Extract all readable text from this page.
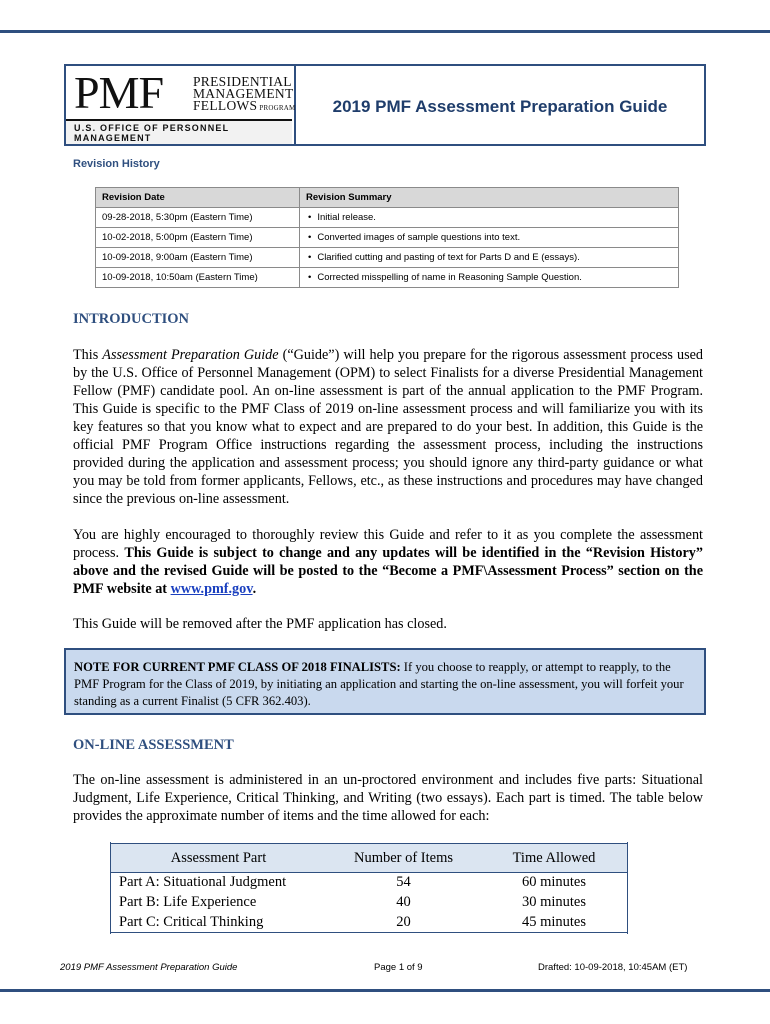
PMF PRESIDENTIAL
MANAGEMENT
FELLOWS PROGRAM
U.S. OFFICE OF PERSONNEL MANAGEMENT
2019 PMF Assessment Preparation Guide
Revision History
Revision Date	Revision Summary
09-28-2018, 5:30pm (Eastern Time)	• Initial release.
10-02-2018, 5:00pm (Eastern Time)	• Converted images of sample questions into text.
10-09-2018, 9:00am (Eastern Time)	• Clarified cutting and pasting of text for Parts D and E (essays).
10-09-2018, 10:50am (Eastern Time)	• Corrected misspelling of name in Reasoning Sample Question.
INTRODUCTION
This Assessment Preparation Guide (“Guide”) will help you prepare for the rigorous assessment process used by the U.S. Office of Personnel Management (OPM) to select Finalists for a diverse Presidential Management Fellow (PMF) candidate pool. An on-line assessment is part of the annual application to the PMF Program. This Guide is specific to the PMF Class of 2019 on-line assessment process and will familiarize you with its key features so that you know what to expect and are prepared to do your best. In addition, this Guide is the official PMF Program Office instructions regarding the assessment process, including the instructions provided during the application and assessment process; you should ignore any third-party guidance or what you may be told from former applicants, Fellows, etc., as these instructions and procedures may have changed since the previous on-line assessment.
You are highly encouraged to thoroughly review this Guide and refer to it as you complete the assessment process. This Guide is subject to change and any updates will be identified in the “Revision History” above and the revised Guide will be posted to the “Become a PMF\Assessment Process” section on the PMF website at www.pmf.gov.
This Guide will be removed after the PMF application has closed.
NOTE FOR CURRENT PMF CLASS OF 2018 FINALISTS: If you choose to reapply, or attempt to reapply, to the PMF Program for the Class of 2019, by initiating an application and starting the on-line assessment, you will forfeit your standing as a current Finalist (5 CFR 362.403).
ON-LINE ASSESSMENT
The on-line assessment is administered in an un-proctored environment and includes five parts: Situational Judgment, Life Experience, Critical Thinking, and Writing (two essays). Each part is timed. The table below provides the approximate number of items and the time allowed for each:
Assessment Part	Number of Items	Time Allowed
Part A: Situational Judgment	54	60 minutes
Part B: Life Experience	40	30 minutes
Part C: Critical Thinking	20	45 minutes
2019 PMF Assessment Preparation Guide	Page 1 of 9	Drafted: 10-09-2018, 10:45AM (ET)
